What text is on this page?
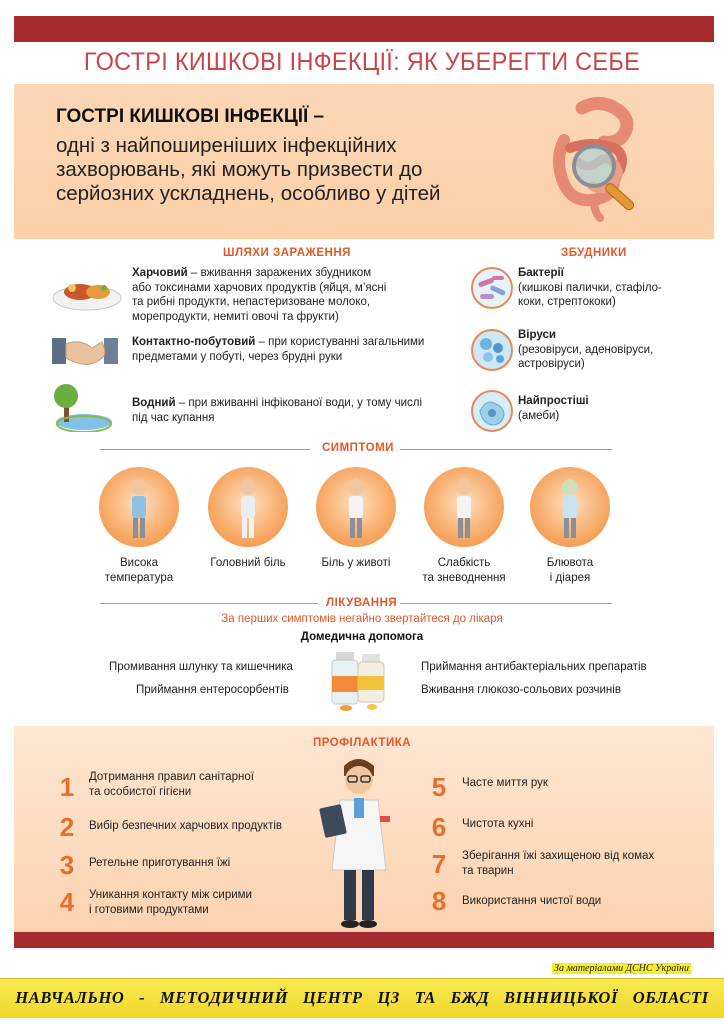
ГОСТРІ КИШКОВІ ІНФЕКЦІЇ: ЯК УБЕРЕГТИ СЕБЕ
ГОСТРІ КИШКОВІ ІНФЕКЦІЇ –
одні з найпоширеніших інфекційних
захворювань, які можуть призвести до
серйозних ускладнень, особливо у дітей
ШЛЯХИ ЗАРАЖЕННЯ	ЗБУДНИКИ
Харчовий – вживання заражених збудником
або токсинами харчових продуктів (яйця, м’ясні
та рибні продукти, непастеризоване молоко,
морепродукти, немиті овочі та фрукти)
Контактно-побутовий – при користуванні загальними
предметами у побуті, через брудні руки
Водний – при вживанні інфікованої води, у тому числі
під час купання
Бактерії
(кишкові палички, стафіло-
коки, стрептококи)
Віруси
(резовіруси, аденовіруси,
астровіруси)
Найпростіші
(амеби)
СИМПТОМИ
Висока
температура
Головний біль	Біль у животі	Слабкість
та зневоднення
Блювота
і діарея
ЛІКУВАННЯ
За перших симптомів негайно звертайтеся до лікаря
Домедична допомога
Промивання шлунку та кишечника
Приймання ентеросорбентів
Приймання антибактеріальних препаратів
Вживання глюкозо-сольових розчинів
ПРОФІЛАКТИКА
1	Дотримання правил санітарної
та особистої гігієни
2	Вибір безпечних харчових продуктів
3	Ретельне приготування їжі
4	Уникання контакту між сирими
і готовими продуктами
5	Часте миття рук
6	Чистота кухні
7	Зберігання їжі захищеною від комах
та тварин
8	Використання чистої води
За матеріалами ДСНС України
НАВЧАЛЬНО - МЕТОДИЧНИЙ ЦЕНТР ЦЗ ТА БЖД ВІННИЦЬКОЇ ОБЛАСТІ
